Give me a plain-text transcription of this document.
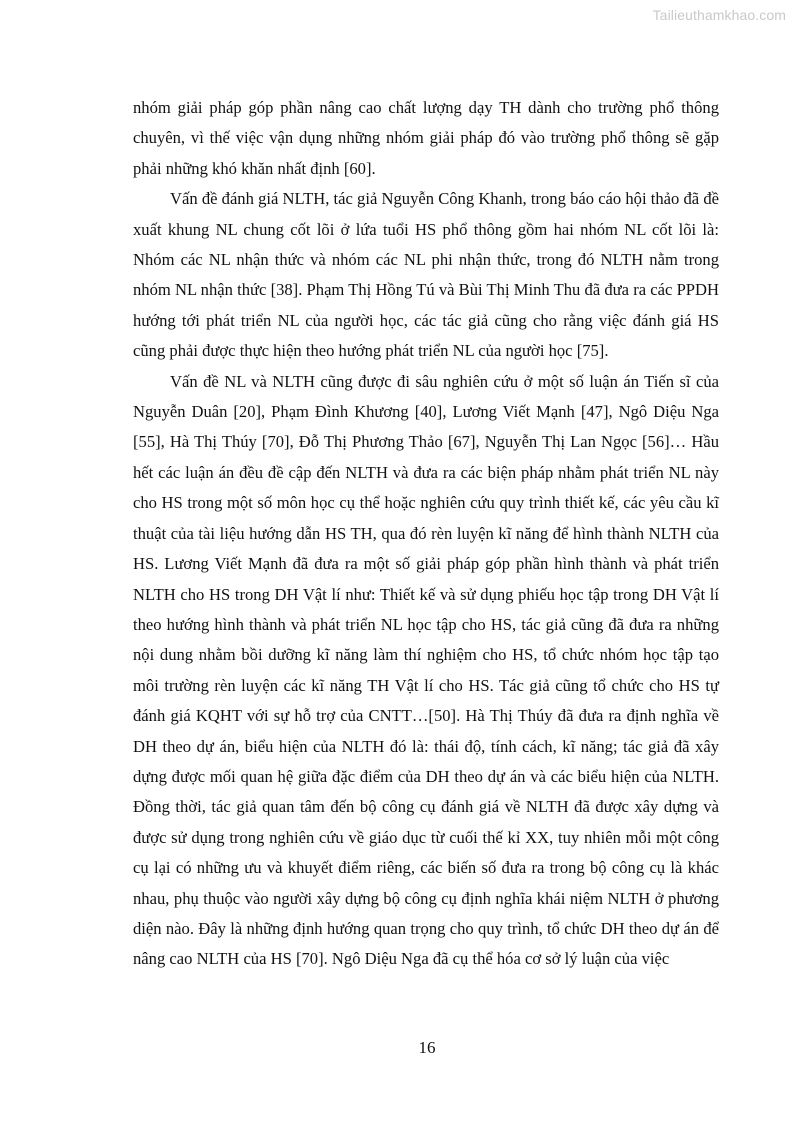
Tailieuthamkhao.com

nhóm giải pháp góp phần nâng cao chất lượng dạy TH dành cho trường phổ thông chuyên, vì thế việc vận dụng những nhóm giải pháp đó vào trường phổ thông sẽ gặp phải những khó khăn nhất định [60].

Vấn đề đánh giá NLTH, tác giả Nguyễn Công Khanh, trong báo cáo hội thảo đã đề xuất khung NL chung cốt lõi ở lứa tuổi HS phổ thông gồm hai nhóm NL cốt lõi là: Nhóm các NL nhận thức và nhóm các NL phi nhận thức, trong đó NLTH nằm trong nhóm NL nhận thức [38]. Phạm Thị Hồng Tú và Bùi Thị Minh Thu đã đưa ra các PPDH hướng tới phát triển NL của người học, các tác giả cũng cho rằng việc đánh giá HS cũng phải được thực hiện theo hướng phát triển NL của người học [75].

Vấn đề NL và NLTH cũng được đi sâu nghiên cứu ở một số luận án Tiến sĩ của Nguyễn Duân [20], Phạm Đình Khương [40], Lương Viết Mạnh [47], Ngô Diệu Nga [55], Hà Thị Thúy [70], Đỗ Thị Phương Thảo [67], Nguyễn Thị Lan Ngọc [56]… Hầu hết các luận án đều đề cập đến NLTH và đưa ra các biện pháp nhằm phát triển NL này cho HS trong một số môn học cụ thể hoặc nghiên cứu quy trình thiết kế, các yêu cầu kĩ thuật của tài liệu hướng dẫn HS TH, qua đó rèn luyện kĩ năng để hình thành NLTH của HS. Lương Viết Mạnh đã đưa ra một số giải pháp góp phần hình thành và phát triển NLTH cho HS trong DH Vật lí như: Thiết kế và sử dụng phiếu học tập trong DH Vật lí theo hướng hình thành và phát triển NL học tập cho HS, tác giả cũng đã đưa ra những nội dung nhằm bồi dưỡng kĩ năng làm thí nghiệm cho HS, tổ chức nhóm học tập tạo môi trường rèn luyện các kĩ năng TH Vật lí cho HS. Tác giả cũng tổ chức cho HS tự đánh giá KQHT với sự hỗ trợ của CNTT…[50]. Hà Thị Thúy đã đưa ra định nghĩa về DH theo dự án, biểu hiện của NLTH đó là: thái độ, tính cách, kĩ năng; tác giả đã xây dựng được mối quan hệ giữa đặc điểm của DH theo dự án và các biểu hiện của NLTH. Đồng thời, tác giả quan tâm đến bộ công cụ đánh giá về NLTH đã được xây dựng và được sử dụng trong nghiên cứu về giáo dục từ cuối thế kỉ XX, tuy nhiên mỗi một công cụ lại có những ưu và khuyết điểm riêng, các biến số đưa ra trong bộ công cụ là khác nhau, phụ thuộc vào người xây dựng bộ công cụ định nghĩa khái niệm NLTH ở phương diện nào. Đây là những định hướng quan trọng cho quy trình, tổ chức DH theo dự án để nâng cao NLTH của HS [70]. Ngô Diệu Nga đã cụ thể hóa cơ sở lý luận của việc

16
